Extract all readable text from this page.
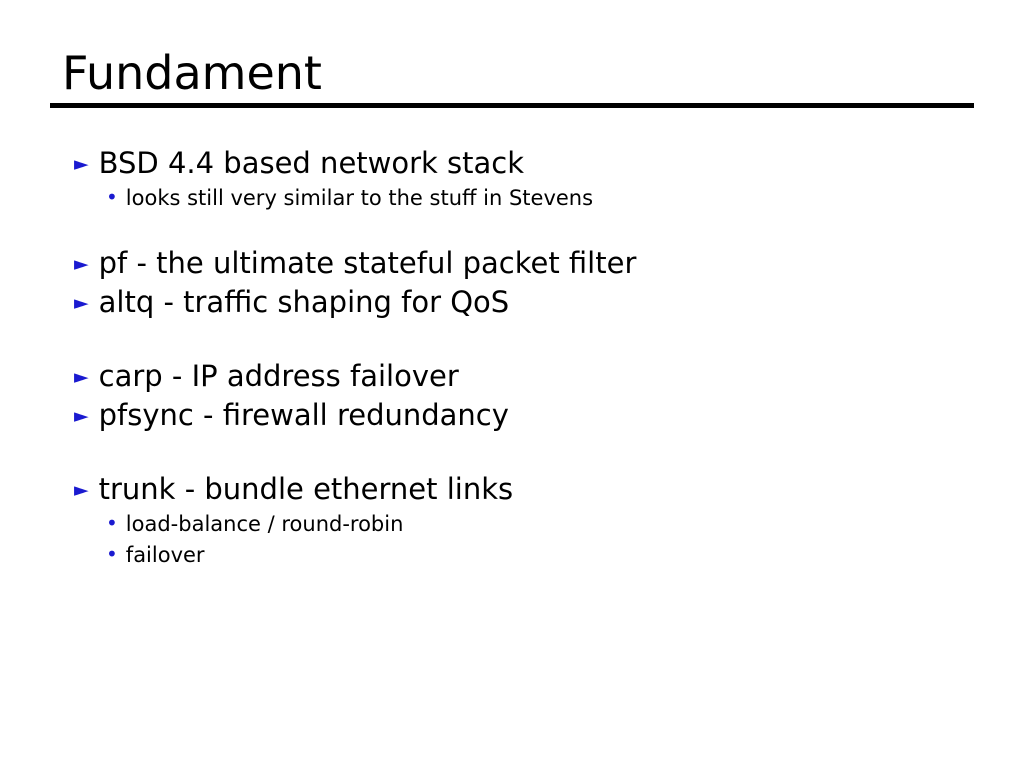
Fundament
► BSD 4.4 based network stack
• looks still very similar to the stuff in Stevens
► pf - the ultimate stateful packet filter
► altq - traffic shaping for QoS
► carp - IP address failover
► pfsync - firewall redundancy
► trunk - bundle ethernet links
• load-balance / round-robin
• failover
